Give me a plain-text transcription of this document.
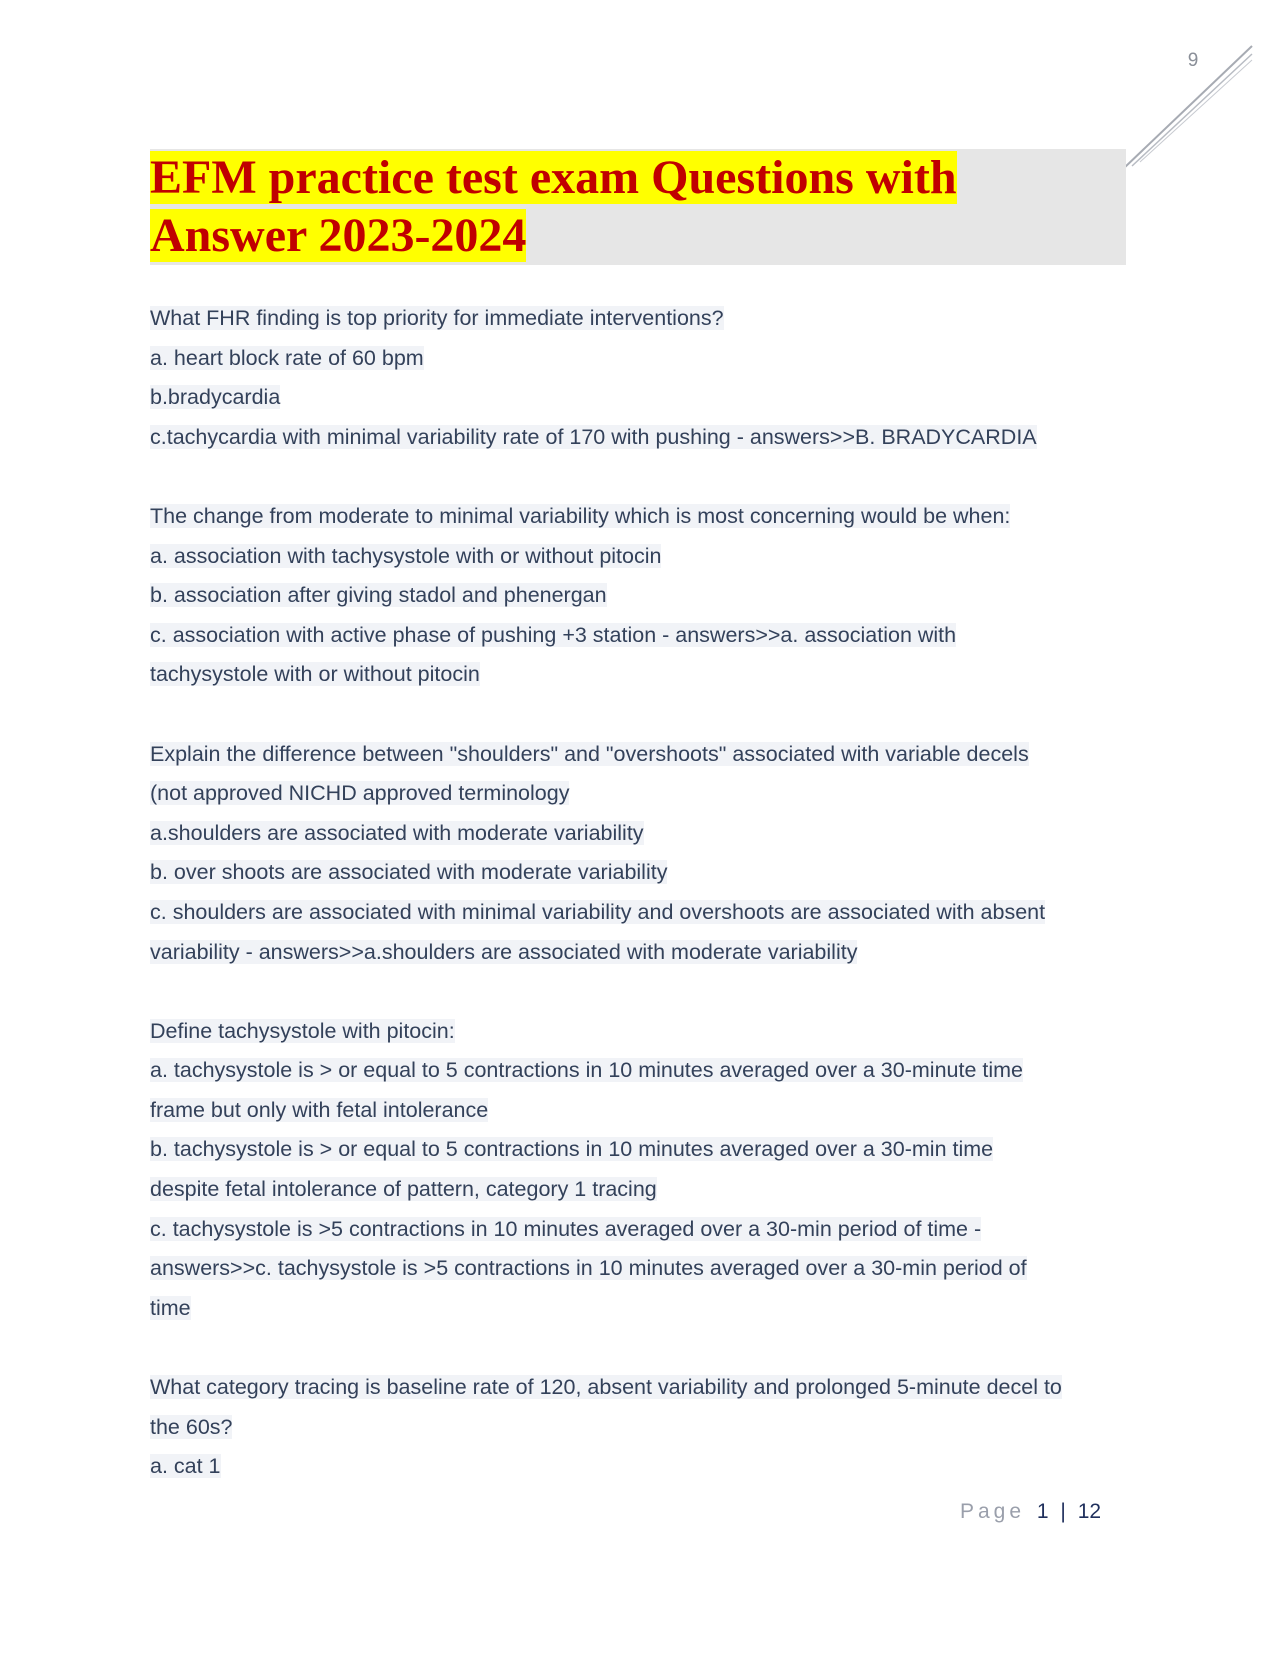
9
EFM practice test exam Questions with
Answer 2023-2024
What FHR finding is top priority for immediate interventions?
a. heart block rate of 60 bpm
b.bradycardia
c.tachycardia with minimal variability rate of 170 with pushing - answers>>B. BRADYCARDIA
The change from moderate to minimal variability which is most concerning would be when:
a. association with tachysystole with or without pitocin
b. association after giving stadol and phenergan
c. association with active phase of pushing +3 station - answers>>a. association with
tachysystole with or without pitocin
Explain the difference between "shoulders" and "overshoots" associated with variable decels
(not approved NICHD approved terminology
a.shoulders are associated with moderate variability
b. over shoots are associated with moderate variability
c. shoulders are associated with minimal variability and overshoots are associated with absent
variability - answers>>a.shoulders are associated with moderate variability
Define tachysystole with pitocin:
a. tachysystole is > or equal to 5 contractions in 10 minutes averaged over a 30-minute time
frame but only with fetal intolerance
b. tachysystole is > or equal to 5 contractions in 10 minutes averaged over a 30-min time
despite fetal intolerance of pattern, category 1 tracing
c. tachysystole is >5 contractions in 10 minutes averaged over a 30-min period of time -
answers>>c. tachysystole is >5 contractions in 10 minutes averaged over a 30-min period of
time
What category tracing is baseline rate of 120, absent variability and prolonged 5-minute decel to
the 60s?
a. cat 1
Page 1 | 12
